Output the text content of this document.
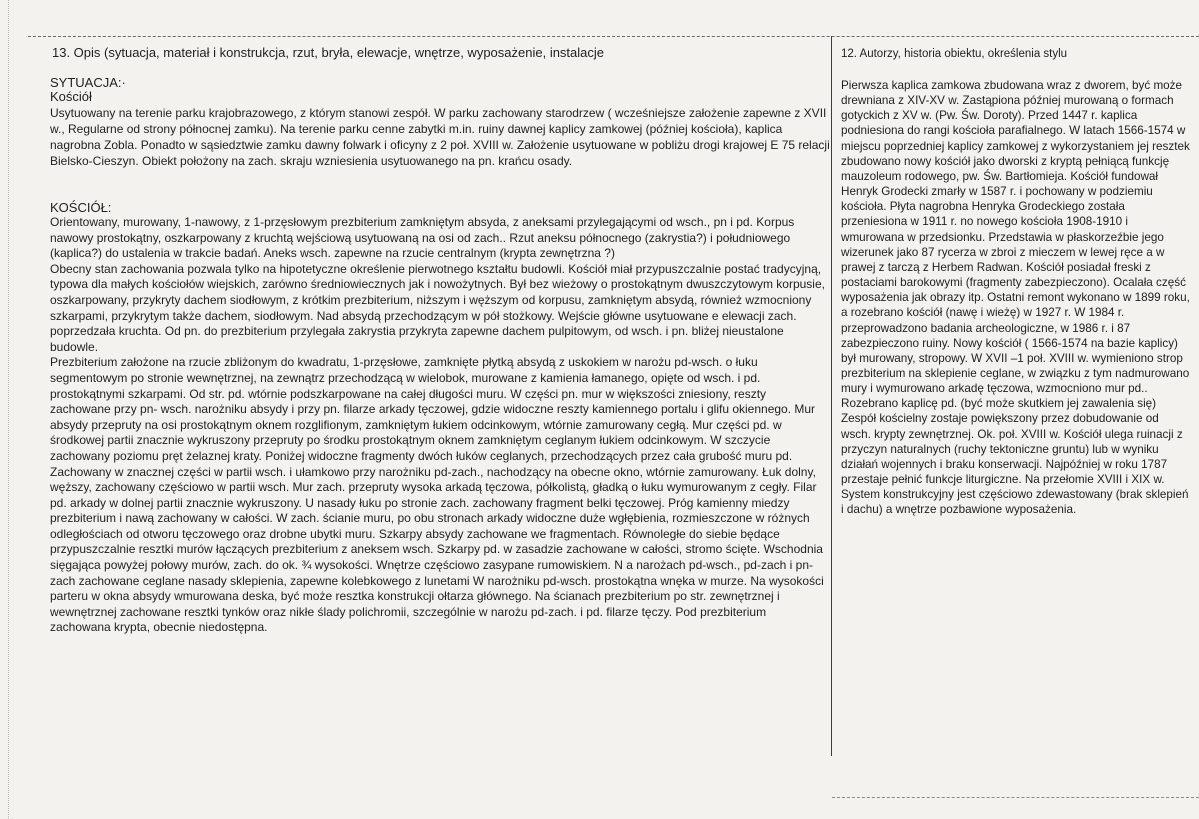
13. Opis (sytuacja, materiał i konstrukcja, rzut, bryła, elewacje, wnętrze, wyposażenie, instalacje

SYTUACJA:·

Kościół

Usytuowany na terenie parku krajobrazowego, z którym stanowi zespół. W parku zachowany starodrzew ( wcześniejsze założenie zapewne z XVII w., Regularne od strony północnej zamku). Na terenie parku cenne zabytki m.in. ruiny dawnej kaplicy zamkowej (później kościoła), kaplica nagrobna Zobla. Ponadto w sąsiedztwie zamku dawny folwark i oficyny z 2 poł. XVIII w. Założenie usytuowane w pobliżu drogi krajowej E 75 relacji Bielsko-Cieszyn. Obiekt położony na zach. skraju wzniesienia usytuowanego na pn. krańcu osady.

KOŚCIÓŁ:

Orientowany, murowany, 1-nawowy, z 1-przęsłowym prezbiterium zamkniętym absyda, z aneksami przylegającymi od wsch., pn i pd. Korpus nawowy prostokątny, oszkarpowany z kruchtą wejściową usytuowaną na osi od zach.. Rzut aneksu północnego (zakrystia?) i południowego (kaplica?) do ustalenia w trakcie badań. Aneks wsch. zapewne na rzucie centralnym (krypta zewnętrzna ?)

Obecny stan zachowania pozwala tylko na hipotetyczne określenie pierwotnego kształtu budowli. Kościół miał przypuszczalnie postać tradycyjną, typowa dla małych kościołów wiejskich, zarówno średniowiecznych jak i nowożytnych. Był bez wieżowy o prostokątnym dwuszczytowym korpusie, oszkarpowany, przykryty dachem siodłowym, z krótkim prezbiterium, niższym i węższym od korpusu, zamkniętym absydą, również wzmocniony szkarpami, przykrytym także dachem, siodłowym. Nad absydą przechodzącym w pół stożkowy. Wejście główne usytuowane e elewacji zach. poprzedzała kruchta. Od pn. do prezbiterium przylegała zakrystia przykryta zapewne dachem pulpitowym, od wsch. i pn. bliżej nieustalone budowle.

Prezbiterium założone na rzucie zbliżonym do kwadratu, 1-przęsłowe, zamknięte płytką absydą z uskokiem w narożu pd-wsch. o łuku segmentowym po stronie wewnętrznej, na zewnątrz przechodzącą w wielobok, murowane z kamienia łamanego, opięte od wsch. i pd. prostokątnymi szkarpami. Od str. pd. wtórnie podszkarpowane na całej długości muru. W części pn. mur w większości zniesiony, reszty zachowane przy pn- wsch. narożniku absydy i przy pn. filarze arkady tęczowej, gdzie widoczne reszty kamiennego portalu i glifu okiennego. Mur absydy przepruty na osi prostokątnym oknem rozglifionym, zamkniętym łukiem odcinkowym, wtórnie zamurowany cegłą. Mur części pd. w środkowej partii znacznie wykruszony przepruty po środku prostokątnym oknem zamkniętym ceglanym łukiem odcinkowym. W szczycie zachowany poziomu pręt żelaznej kraty. Poniżej widoczne fragmenty dwóch łuków ceglanych, przechodzących przez cała grubość muru pd. Zachowany w znacznej części w partii wsch. i ułamkowo przy narożniku pd-zach., nachodzący na obecne okno, wtórnie zamurowany. Łuk dolny, węższy, zachowany częściowo w partii wsch. Mur zach. przepruty wysoka arkadą tęczowa, półkolistą, gładką o łuku wymurowanym z cegły. Filar pd. arkady w dolnej partii znacznie wykruszony. U nasady łuku po stronie zach. zachowany fragment belki tęczowej. Próg kamienny miedzy prezbiterium i nawą zachowany w całości. W zach. ścianie muru, po obu stronach arkady widoczne duże wgłębienia, rozmieszczone w różnych odległościach od otworu tęczowego oraz drobne ubytki muru. Szkarpy absydy zachowane we fragmentach. Równoległe do siebie będące przypuszczalnie resztki murów łączących prezbiterium z aneksem wsch. Szkarpy pd. w zasadzie zachowane w całości, stromo ścięte. Wschodnia sięgająca powyżej połowy murów, zach. do ok. ¾ wysokości. Wnętrze częściowo zasypane rumowiskiem. N a narożach pd-wsch., pd-zach i pn-zach zachowane ceglane nasady sklepienia, zapewne kolebkowego z lunetami W narożniku pd-wsch. prostokątna wnęka w murze. Na wysokości parteru w okna absydy wmurowana deska, być może resztka konstrukcji ołtarza głównego. Na ścianach prezbiterium po str. zewnętrznej i wewnętrznej zachowane resztki tynków oraz nikłe ślady polichromii, szczególnie w narożu pd-zach. i pd. filarze tęczy. Pod prezbiterium zachowana krypta, obecnie niedostępna.

12. Autorzy, historia obiektu, określenia stylu

Pierwsza kaplica zamkowa zbudowana wraz z dworem, być może drewniana z XIV-XV w. Zastąpiona później murowaną o formach gotyckich z XV w. (Pw. Św. Doroty). Przed 1447 r. kaplica podniesiona do rangi kościoła parafialnego. W latach 1566-1574 w miejscu poprzedniej kaplicy zamkowej z wykorzystaniem jej resztek zbudowano nowy kościół jako dworski z kryptą pełniącą funkcję mauzoleum rodowego, pw. Św. Bartłomieja. Kościół fundował Henryk Grodecki zmarły w 1587 r. i pochowany w podziemiu kościoła. Płyta nagrobna Henryka Grodeckiego została przeniesiona w 1911 r. no nowego kościoła 1908-1910 i wmurowana w przedsionku. Przedstawia w płaskorzeźbie jego wizerunek jako 87 rycerza w zbroi z mieczem w lewej ręce a w prawej z tarczą z Herbem Radwan. Kościół posiadał freski z postaciami barokowymi (fragmenty zabezpieczono). Ocalała część wyposażenia jak obrazy itp. Ostatni remont wykonano w 1899 roku, a rozebrano kościół (nawę i wieżę) w 1927 r. W 1984 r. przeprowadzono badania archeologiczne, w 1986 r. i 87 zabezpieczono ruiny. Nowy kościół ( 1566-1574 na bazie kaplicy) był murowany, stropowy. W XVII –1 poł. XVIII w. wymieniono strop prezbiterium na sklepienie ceglane, w związku z tym nadmurowano mury i wymurowano arkadę tęczowa, wzmocniono mur pd.. Rozebrano kaplicę pd. (być może skutkiem jej zawalenia się) Zespół kościelny zostaje powiększony przez dobudowanie od wsch. krypty zewnętrznej. Ok. poł. XVIII w. Kościół ulega ruinacji z przyczyn naturalnych (ruchy tektoniczne gruntu) lub w wyniku działań wojennych i braku konserwacji. Najpóźniej w roku 1787 przestaje pełnić funkcje liturgiczne. Na przełomie XVIII i XIX w. System konstrukcyjny jest częściowo zdewastowany (brak sklepień i dachu) a wnętrze pozbawione wyposażenia.
